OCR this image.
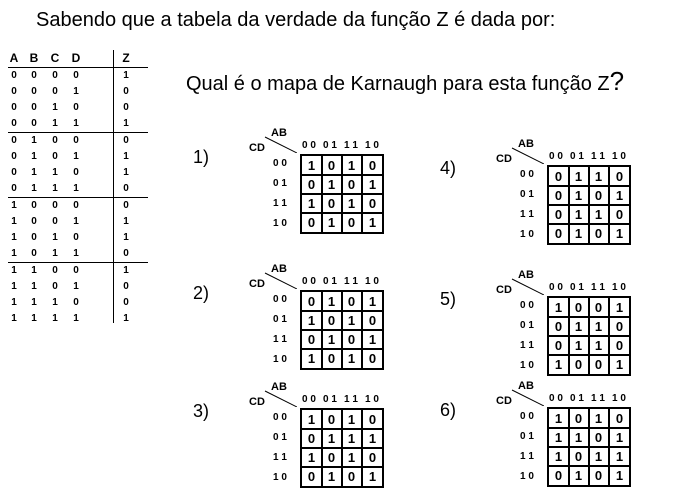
Sabendo que a tabela da verdade da função Z é dada por:
Qual é o mapa de Karnaugh para esta função Z?
A B C D	Z
0	0	0	0	1
0	0	0	1	0
0	0	1	0	0
0	0	1	1	1
0	1	0	0	0
0	1	0	1	1
0	1	1	0	1
0	1	1	1	0
1	0	0	0	0
1	0	0	1	1
1	0	1	0	1
1	0	1	1	0
1	1	0	0	1
1	1	0	1	0
1	1	1	0	0
1	1	1	1	1
1)
AB
CD	0 0 0 1 1 1 1 0
0 0
0 1
1 1
1 0
1 0 1	0
0 1 0	1
1 0 1	0
0 1 0	1
2)
AB
CD	0 0 0 1 1 1 1 0
0 0
0 1
1 1
1 0
0 1 0	1
1 0 1	0
0 1 0	1
1 0 1	0
3)
AB
CD	0 0 0 1 1 1 1 0
0 0
0 1
1 1
1 0
1 0 1	0
0 1 1	1
1 0 1	0
0 1 0	1
4)
AB
CD	0 0 0 1 1 1 1 0
0 0
0 1
1 1
1 0
0 1 1	0
0 1 0	1
0 1 1	0
0 1 0	1
5)
AB
CD	0 0 0 1 1 1 1 0
0 0
0 1
1 1
1 0
1 0 0	1
0 1 1	0
0 1 1	0
1 0 0	1
6)
AB
CD	0 0 0 1 1 1 1 0
0 0
0 1
1 1
1 0
1 0 1	0
1 1 0	1
1 0 1	1
0 1 0	1
